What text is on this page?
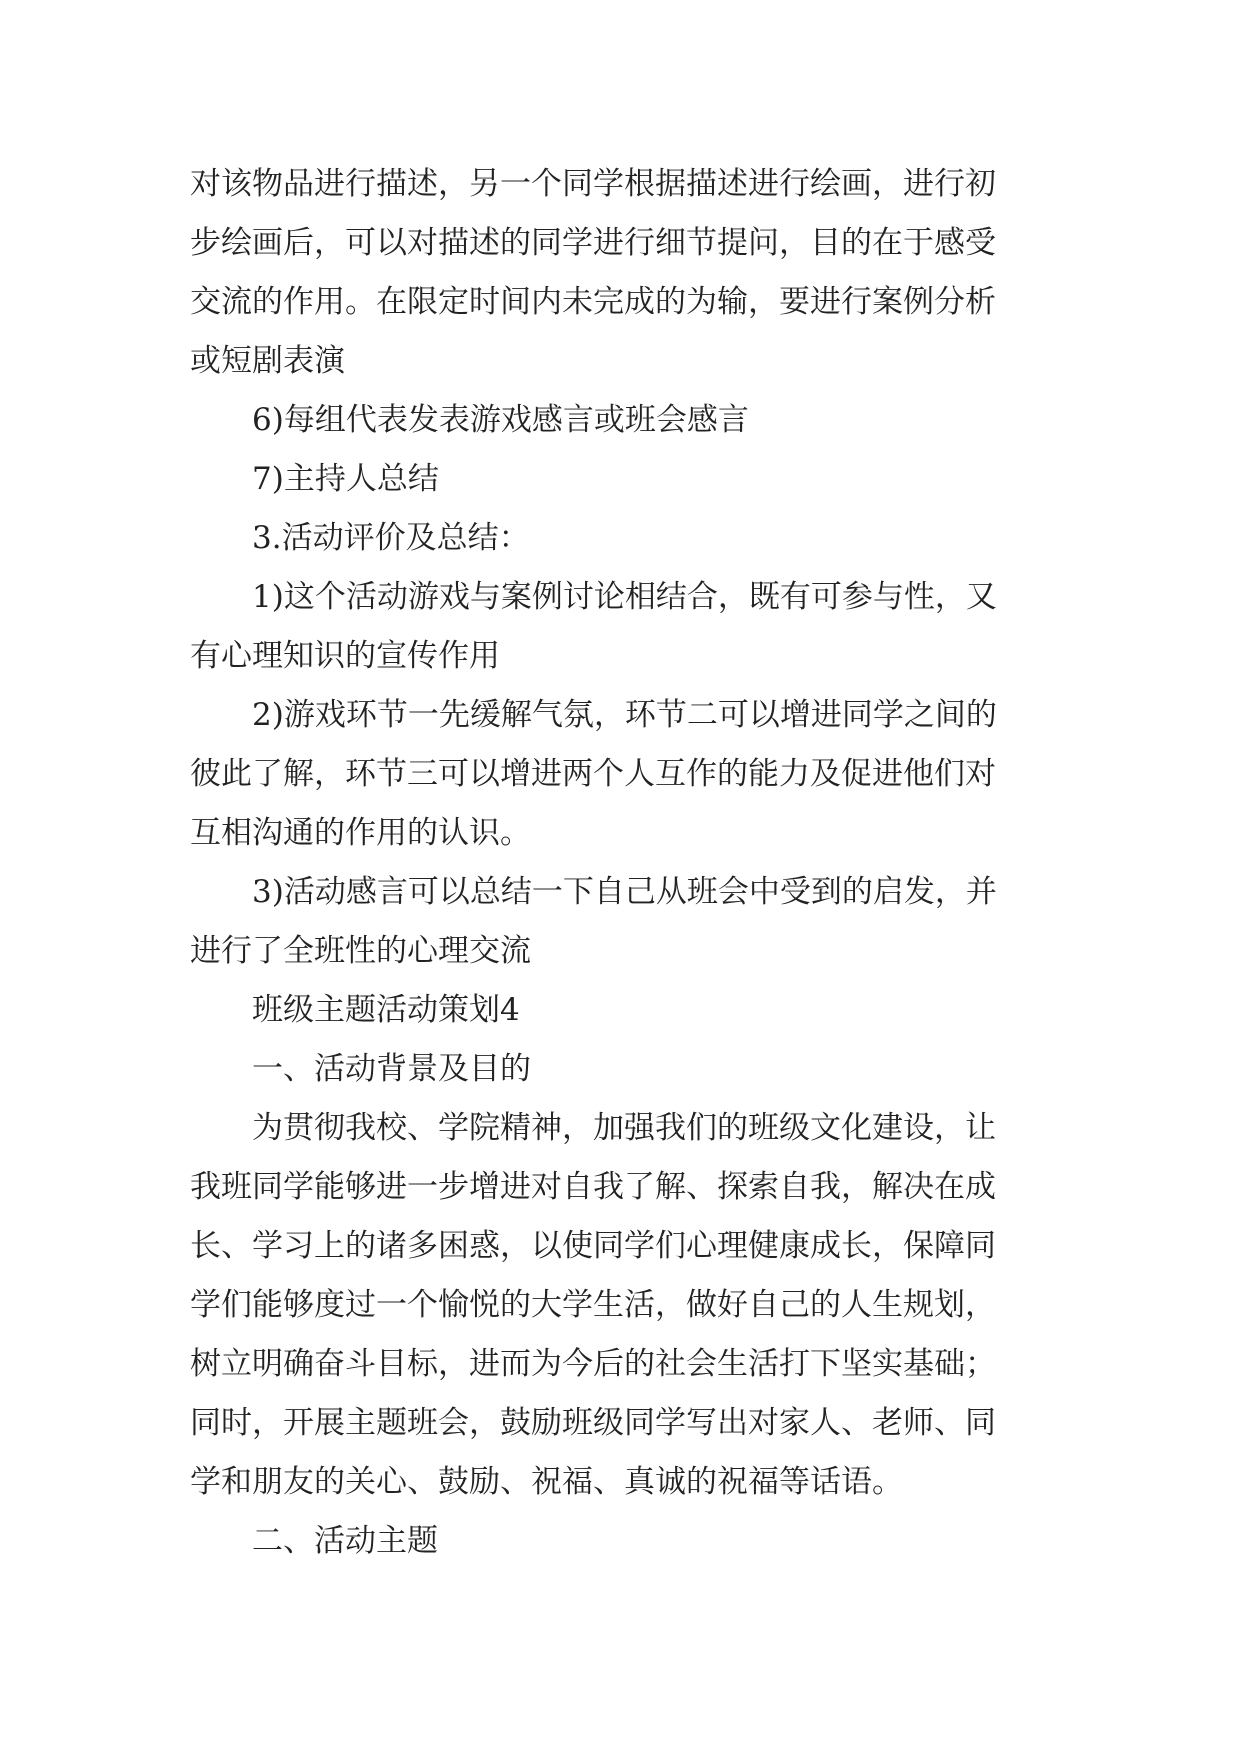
对该物品进行描述，另一个同学根据描述进行绘画，进行初

步绘画后，可以对描述的同学进行细节提问，目的在于感受

交流的作用。在限定时间内未完成的为输，要进行案例分析

或短剧表演

6)每组代表发表游戏感言或班会感言

7)主持人总结

3.活动评价及总结：

1)这个活动游戏与案例讨论相结合，既有可参与性，又

有心理知识的宣传作用

2)游戏环节一先缓解气氛，环节二可以增进同学之间的

彼此了解，环节三可以增进两个人互作的能力及促进他们对

互相沟通的作用的认识。

3)活动感言可以总结一下自己从班会中受到的启发，并

进行了全班性的心理交流

班级主题活动策划4

一、活动背景及目的

为贯彻我校、学院精神，加强我们的班级文化建设，让

我班同学能够进一步增进对自我了解、探索自我，解决在成

长、学习上的诸多困惑，以使同学们心理健康成长，保障同

学们能够度过一个愉悦的大学生活，做好自己的人生规划，

树立明确奋斗目标，进而为今后的社会生活打下坚实基础；

同时，开展主题班会，鼓励班级同学写出对家人、老师、同

学和朋友的关心、鼓励、祝福、真诚的祝福等话语。

二、活动主题
